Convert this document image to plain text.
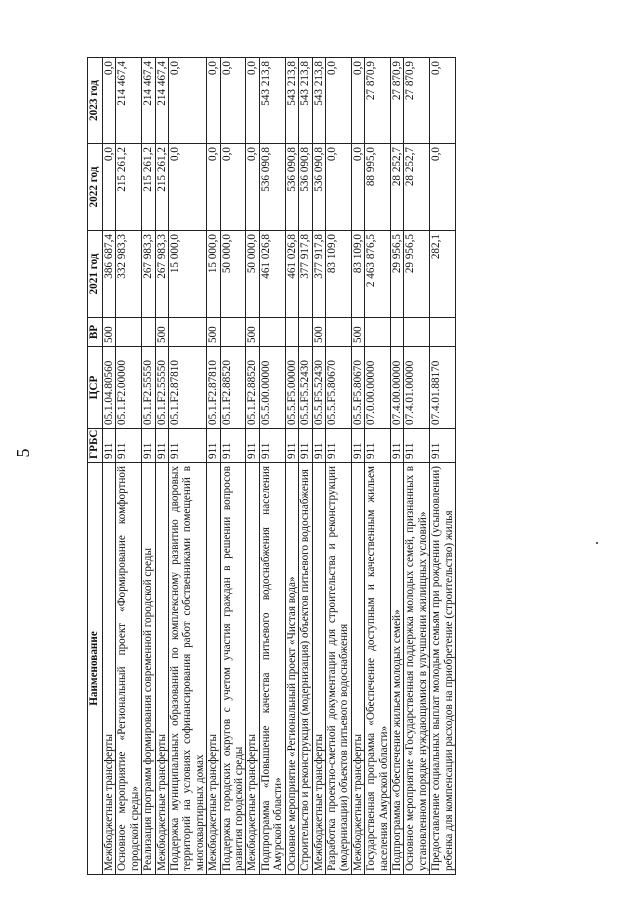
5
Наименование	ГРБС	ЦСР	ВР	2021 год	2022 год	2023 год
Межбюджетные трансферты	911	05.1.04.80560	500	386 687,4	0,0	0,0
Основное мероприятие «Региональный проект «Формирование комфортной городской среды»	911	05.1.F2.00000		332 983,3	215 261,2	214 467,4
Реализация программ формирования современной городской среды	911	05.1.F2.55550		267 983,3	215 261,2	214 467,4
Межбюджетные трансферты	911	05.1.F2.55550	500	267 983,3	215 261,2	214 467,4
Поддержка муниципальных образований по комплексному развитию дворовых территорий на условиях софинансирования работ собственниками помещений в многоквартирных домах	911	05.1.F2.87810		15 000,0	0,0	0,0
Межбюджетные трансферты	911	05.1.F2.87810	500	15 000,0	0,0	0,0
Поддержка городских округов с учетом участия граждан в решении вопросов развития городской среды	911	05.1.F2.88520		50 000,0	0,0	0,0
Межбюджетные трансферты	911	05.1.F2.88520	500	50 000,0	0,0	0,0
Подпрограмма «Повышение качества питьевого водоснабжения населения Амурской области»	911	05.5.00.00000		461 026,8	536 090,8	543 213,8
Основное мероприятие «Региональный проект «Чистая вода»	911	05.5.F5.00000		461 026,8	536 090,8	543 213,8
Строительство и реконструкция (модернизация) объектов питьевого водоснабжения	911	05.5.F5.52430		377 917,8	536 090,8	543 213,8
Межбюджетные трансферты	911	05.5.F5.52430	500	377 917,8	536 090,8	543 213,8
Разработка проектно-сметной документации для строительства и реконструкции (модернизации) объектов питьевого водоснабжения	911	05.5.F5.80670		83 109,0	0,0	0,0
Межбюджетные трансферты	911	05.5.F5.80670	500	83 109,0	0,0	0,0
Государственная программа «Обеспечение доступным и качественным жильем населения Амурской области»	911	07.0.00.00000		2 463 876,5	88 995,0	27 870,9
Подпрограмма «Обеспечение жильем молодых семей»	911	07.4.00.00000		29 956,5	28 252,7	27 870,9
Основное мероприятие «Государственная поддержка молодых семей, признанных в установленном порядке нуждающимися в улучшении жилищных условий»	911	07.4.01.00000		29 956,5	28 252,7	27 870,9
Предоставление социальных выплат молодым семьям при рождении (усыновлении) ребенка для компенсации расходов на приобретение (строительство) жилья	911	07.4.01.88170		282,1	0,0	0,0
